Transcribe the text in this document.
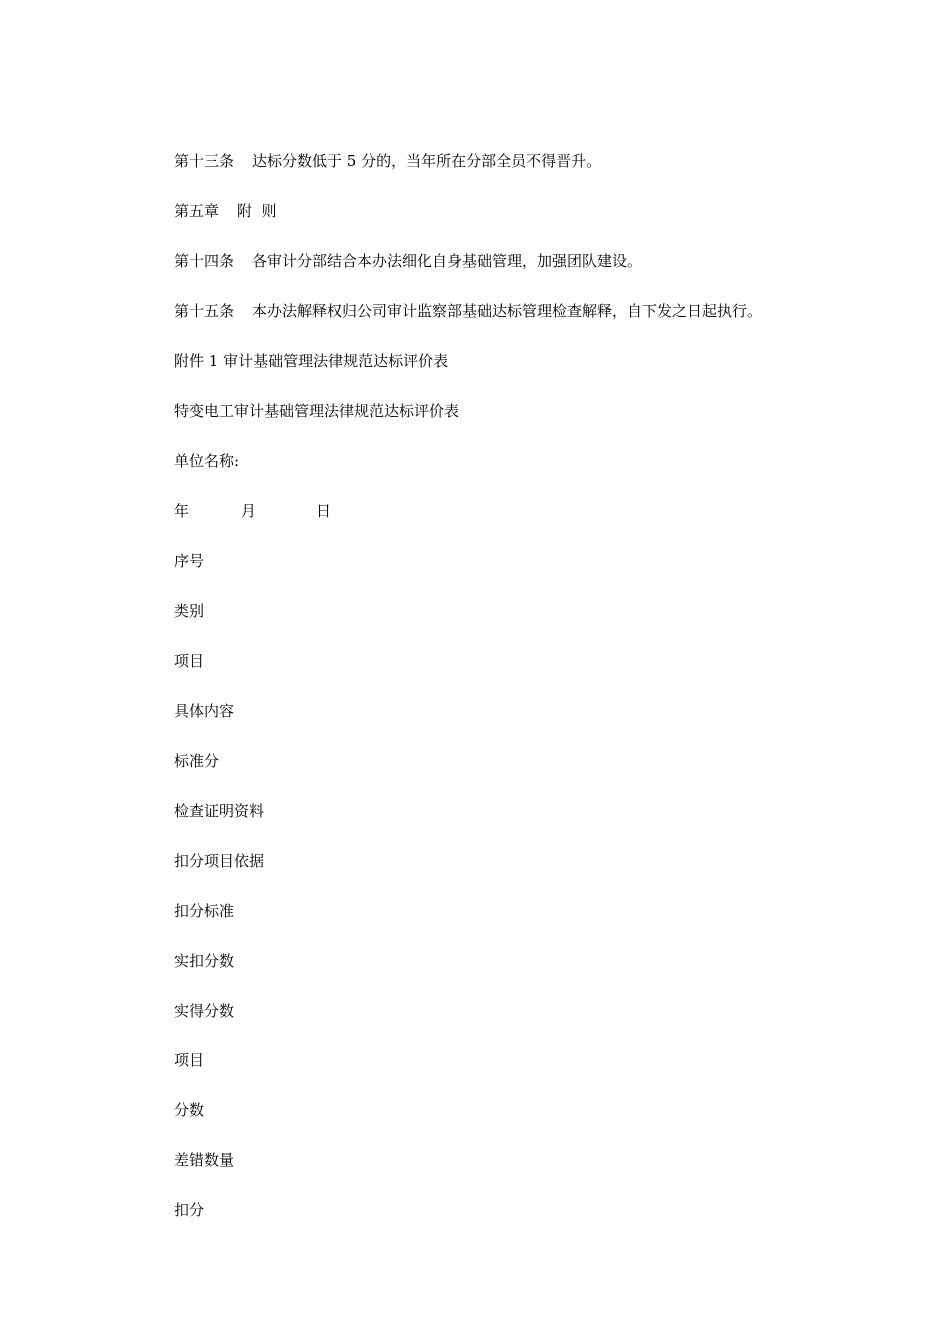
第十三条 达标分数低于 5 分的，当年所在分部全员不得晋升。
第五章 附  则
第十四条 各审计分部结合本办法细化自身基础管理，加强团队建设。
第十五条 本办法解释权归公司审计监察部基础达标管理检查解释，自下发之日起执行。
附件 1 审计基础管理法律规范达标评价表
特变电工审计基础管理法律规范达标评价表
单位名称:
年	月	日
序号
类别
项目
具体内容
标准分
检查证明资料
扣分项目依据
扣分标准
实扣分数
实得分数
项目
分数
差错数量
扣分
